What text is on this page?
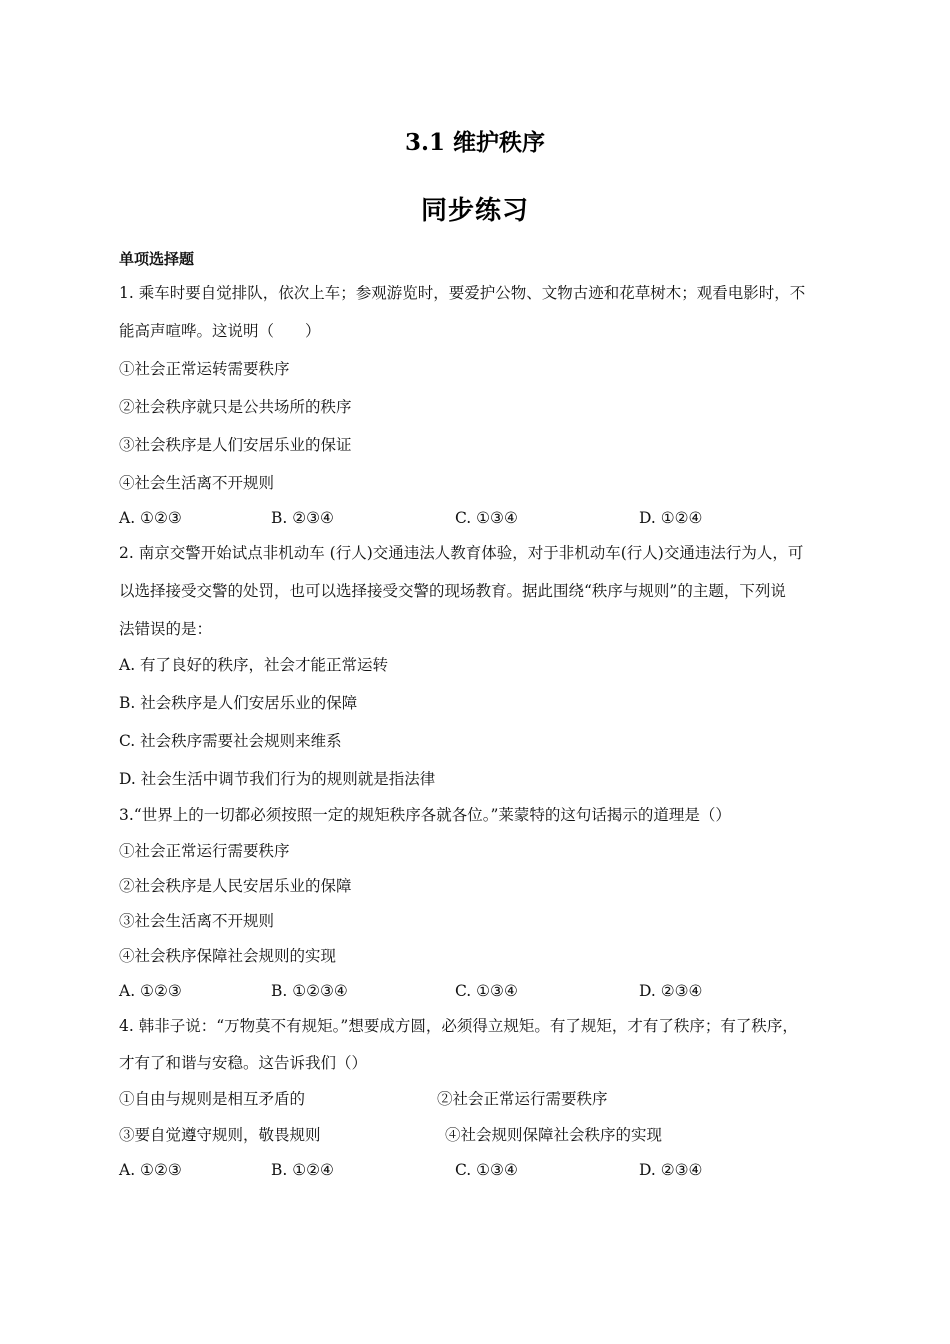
3.1 维护秩序
同步练习
单项选择题
1. 乘车时要自觉排队，依次上车；参观游览时，要爱护公物、文物古迹和花草树木；观看电影时，不
能高声喧哗。这说明（　　）
①社会正常运转需要秩序
②社会秩序就只是公共场所的秩序
③社会秩序是人们安居乐业的保证
④社会生活离不开规则
A. ①②③	B. ②③④	C. ①③④	D. ①②④
2. 南京交警开始试点非机动车 (行人)交通违法人教育体验，对于非机动车(行人)交通违法行为人，可
以选择接受交警的处罚，也可以选择接受交警的现场教育。据此围绕“秩序与规则”的主题，下列说
法错误的是：
A. 有了良好的秩序，社会才能正常运转
B. 社会秩序是人们安居乐业的保障
C. 社会秩序需要社会规则来维系
D. 社会生活中调节我们行为的规则就是指法律
3.“世界上的一切都必须按照一定的规矩秩序各就各位。”莱蒙特的这句话揭示的道理是（）
①社会正常运行需要秩序
②社会秩序是人民安居乐业的保障
③社会生活离不开规则
④社会秩序保障社会规则的实现
A. ①②③	B. ①②③④	C. ①③④	D. ②③④
4. 韩非子说：“万物莫不有规矩。”想要成方圆，必须得立规矩。有了规矩，才有了秩序；有了秩序，
才有了和谐与安稳。这告诉我们（）
①自由与规则是相互矛盾的	②社会正常运行需要秩序
③要自觉遵守规则，敬畏规则	④社会规则保障社会秩序的实现
A. ①②③	B. ①②④	C. ①③④	D. ②③④
